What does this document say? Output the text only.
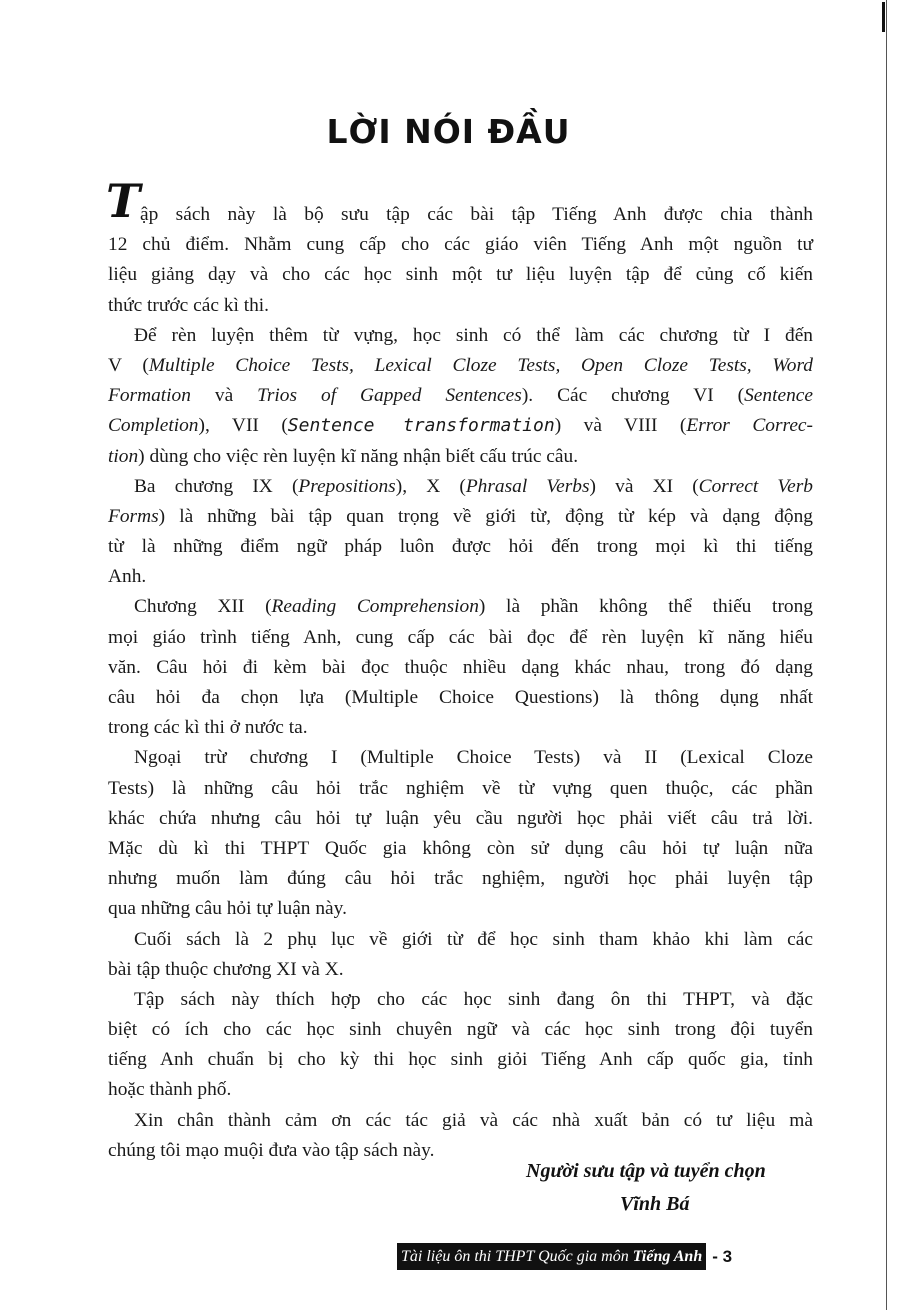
LỜI NÓI ĐẦU
T ập sách này là bộ sưu tập các bài tập Tiếng Anh được chia thành
12 chủ điểm. Nhằm cung cấp cho các giáo viên Tiếng Anh một nguồn tư
liệu giảng dạy và cho các học sinh một tư liệu luyện tập để củng cố kiến
thức trước các kì thi.
Để rèn luyện thêm từ vựng, học sinh có thể làm các chương từ I đến
V (Multiple Choice Tests, Lexical Cloze Tests, Open Cloze Tests, Word
Formation và Trios of Gapped Sentences). Các chương VI (Sentence
Completion), VII (Sentence transformation) và VIII (Error Correc-
tion) dùng cho việc rèn luyện kĩ năng nhận biết cấu trúc câu.
Ba chương IX (Prepositions), X (Phrasal Verbs) và XI (Correct Verb
Forms) là những bài tập quan trọng về giới từ, động từ kép và dạng động
từ là những điểm ngữ pháp luôn được hỏi đến trong mọi kì thi tiếng
Anh.
Chương XII (Reading Comprehension) là phần không thể thiếu trong
mọi giáo trình tiếng Anh, cung cấp các bài đọc để rèn luyện kĩ năng hiểu
văn. Câu hỏi đi kèm bài đọc thuộc nhiều dạng khác nhau, trong đó dạng
câu hỏi đa chọn lựa (Multiple Choice Questions) là thông dụng nhất
trong các kì thi ở nước ta.
Ngoại trừ chương I (Multiple Choice Tests) và II (Lexical Cloze
Tests) là những câu hỏi trắc nghiệm về từ vựng quen thuộc, các phần
khác chứa nhưng câu hỏi tự luận yêu cầu người học phải viết câu trả lời.
Mặc dù kì thi THPT Quốc gia không còn sử dụng câu hỏi tự luận nữa
nhưng muốn làm đúng câu hỏi trắc nghiệm, người học phải luyện tập
qua những câu hỏi tự luận này.
Cuối sách là 2 phụ lục về giới từ để học sinh tham khảo khi làm các
bài tập thuộc chương XI và X.
Tập sách này thích hợp cho các học sinh đang ôn thi THPT, và đặc
biệt có ích cho các học sinh chuyên ngữ và các học sinh trong đội tuyển
tiếng Anh chuẩn bị cho kỳ thi học sinh giỏi Tiếng Anh cấp quốc gia, tỉnh
hoặc thành phố.
Xin chân thành cảm ơn các tác giả và các nhà xuất bản có tư liệu mà
chúng tôi mạo muội đưa vào tập sách này.
Người sưu tập và tuyển chọn
Vĩnh Bá
Tài liệu ôn thi THPT Quốc gia môn Tiếng Anh - 3
